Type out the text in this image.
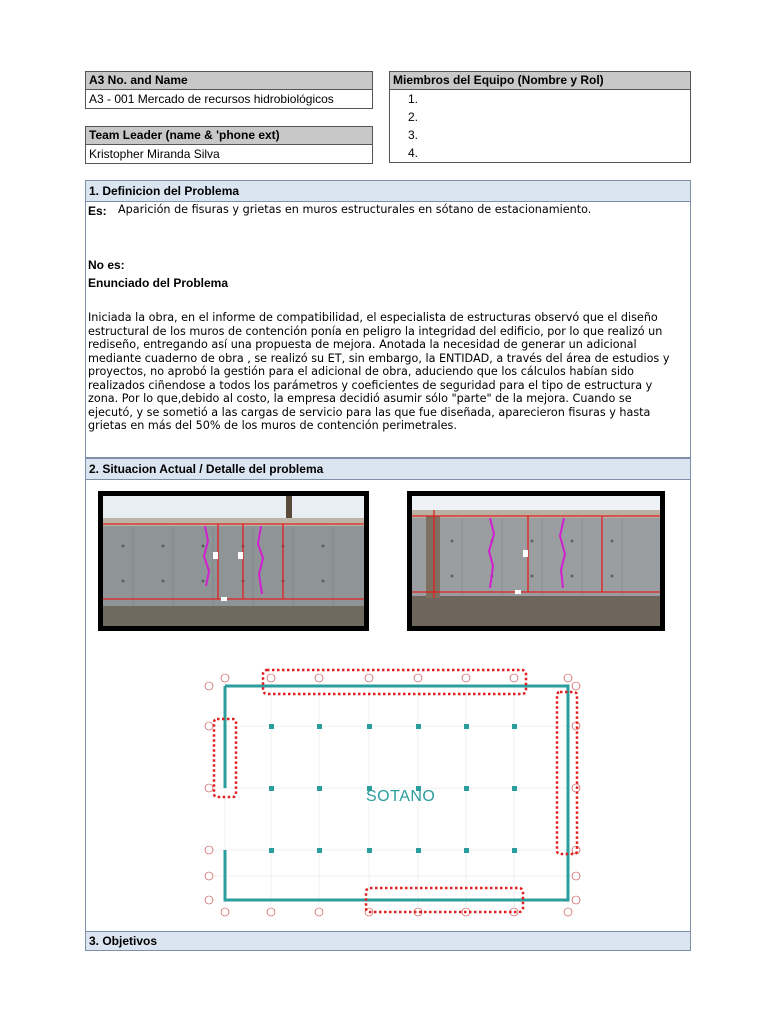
A3 No. and Name
A3 - 001 Mercado de recursos hidrobiológicos
Team Leader (name & 'phone ext)
Kristopher Miranda Silva
Miembros del Equipo (Nombre y Rol)
1.
2.
3.
4.
1. Definicion del Problema
Es: Aparición de fisuras y grietas en muros estructurales en sótano de estacionamiento.
No es:
Enunciado del Problema
Iniciada la obra, en el informe de compatibilidad, el especialista de estructuras observó que el diseño
estructural de los muros de contención ponía en peligro la integridad del edificio, por lo que realizó un
rediseño, entregando así una propuesta de mejora. Anotada la necesidad de generar un adicional
mediante cuaderno de obra , se realizó su ET, sin embargo, la ENTIDAD, a través del área de estudios y
proyectos, no aprobó la gestión para el adicional de obra, aduciendo que los cálculos habían sido
realizados ciñendose a todos los parámetros y coeficientes de seguridad para el tipo de estructura y
zona. Por lo que,debido al costo, la empresa decidió asumir sólo "parte" de la mejora. Cuando se
ejecutó, y se sometió a las cargas de servicio para las que fue diseñada, aparecieron fisuras y hasta
grietas en más del 50% de los muros de contención perimetrales.
2. Situacion Actual / Detalle del problema
SOTANO
3. Objetivos
